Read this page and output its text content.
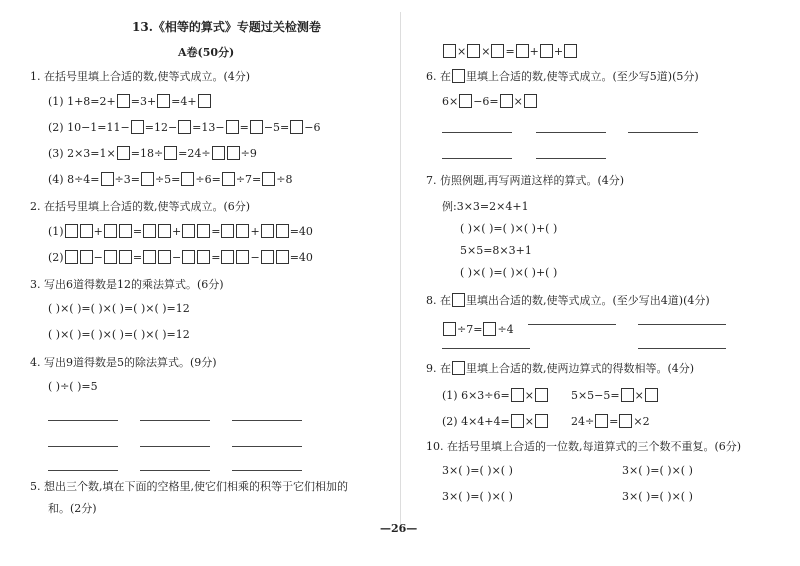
13.《相等的算式》专题过关检测卷
A卷(50分)
1. 在括号里填上合适的数,使等式成立。(4分)
(1) 1+8=2+ =3+ =4+
(2) 10−1=11− =12− =13− = −5= −6
(3) 2×3=1× =18÷ =24÷	÷9
(4) 8÷4= ÷3= ÷5= ÷6= ÷7= ÷8
2. 在括号里填上合适的数,使等式成立。(6分)
(1)	+	=	+	=	+	=40
(2)	−	=	−	=	−	=40
3. 写出6道得数是12的乘法算式。(6分)
( )×( )=( )×( )=( )×( )=12
( )×( )=( )×( )=( )×( )=12
4. 写出9道得数是5的除法算式。(9分)
( )÷( )=5
5. 想出三个数,填在下面的空格里,使它们相乘的积等于它们相加的
和。(2分)
× × = + +
6. 在 里填上合适的数,使等式成立。(至少写5道)(5分)
6× −6= ×
7. 仿照例题,再写两道这样的算式。(4分)
例:3×3=2×4+1
( )×( )=( )×( )+( )
5×5=8×3+1
( )×( )=( )×( )+( )
8. 在 里填出合适的数,使等式成立。(至少写出4道)(4分)
÷7= ÷4
9. 在 里填上合适的数,使两边算式的得数相等。(4分)
(1) 6×3÷6= ×	5×5−5= ×
(2) 4×4+4= ×	24÷ = ×2
10. 在括号里填上合适的一位数,每道算式的三个数不重复。(6分)
3×( )=( )×( )	3×( )=( )×( )
3×( )=( )×( )	3×( )=( )×( )
—26—
